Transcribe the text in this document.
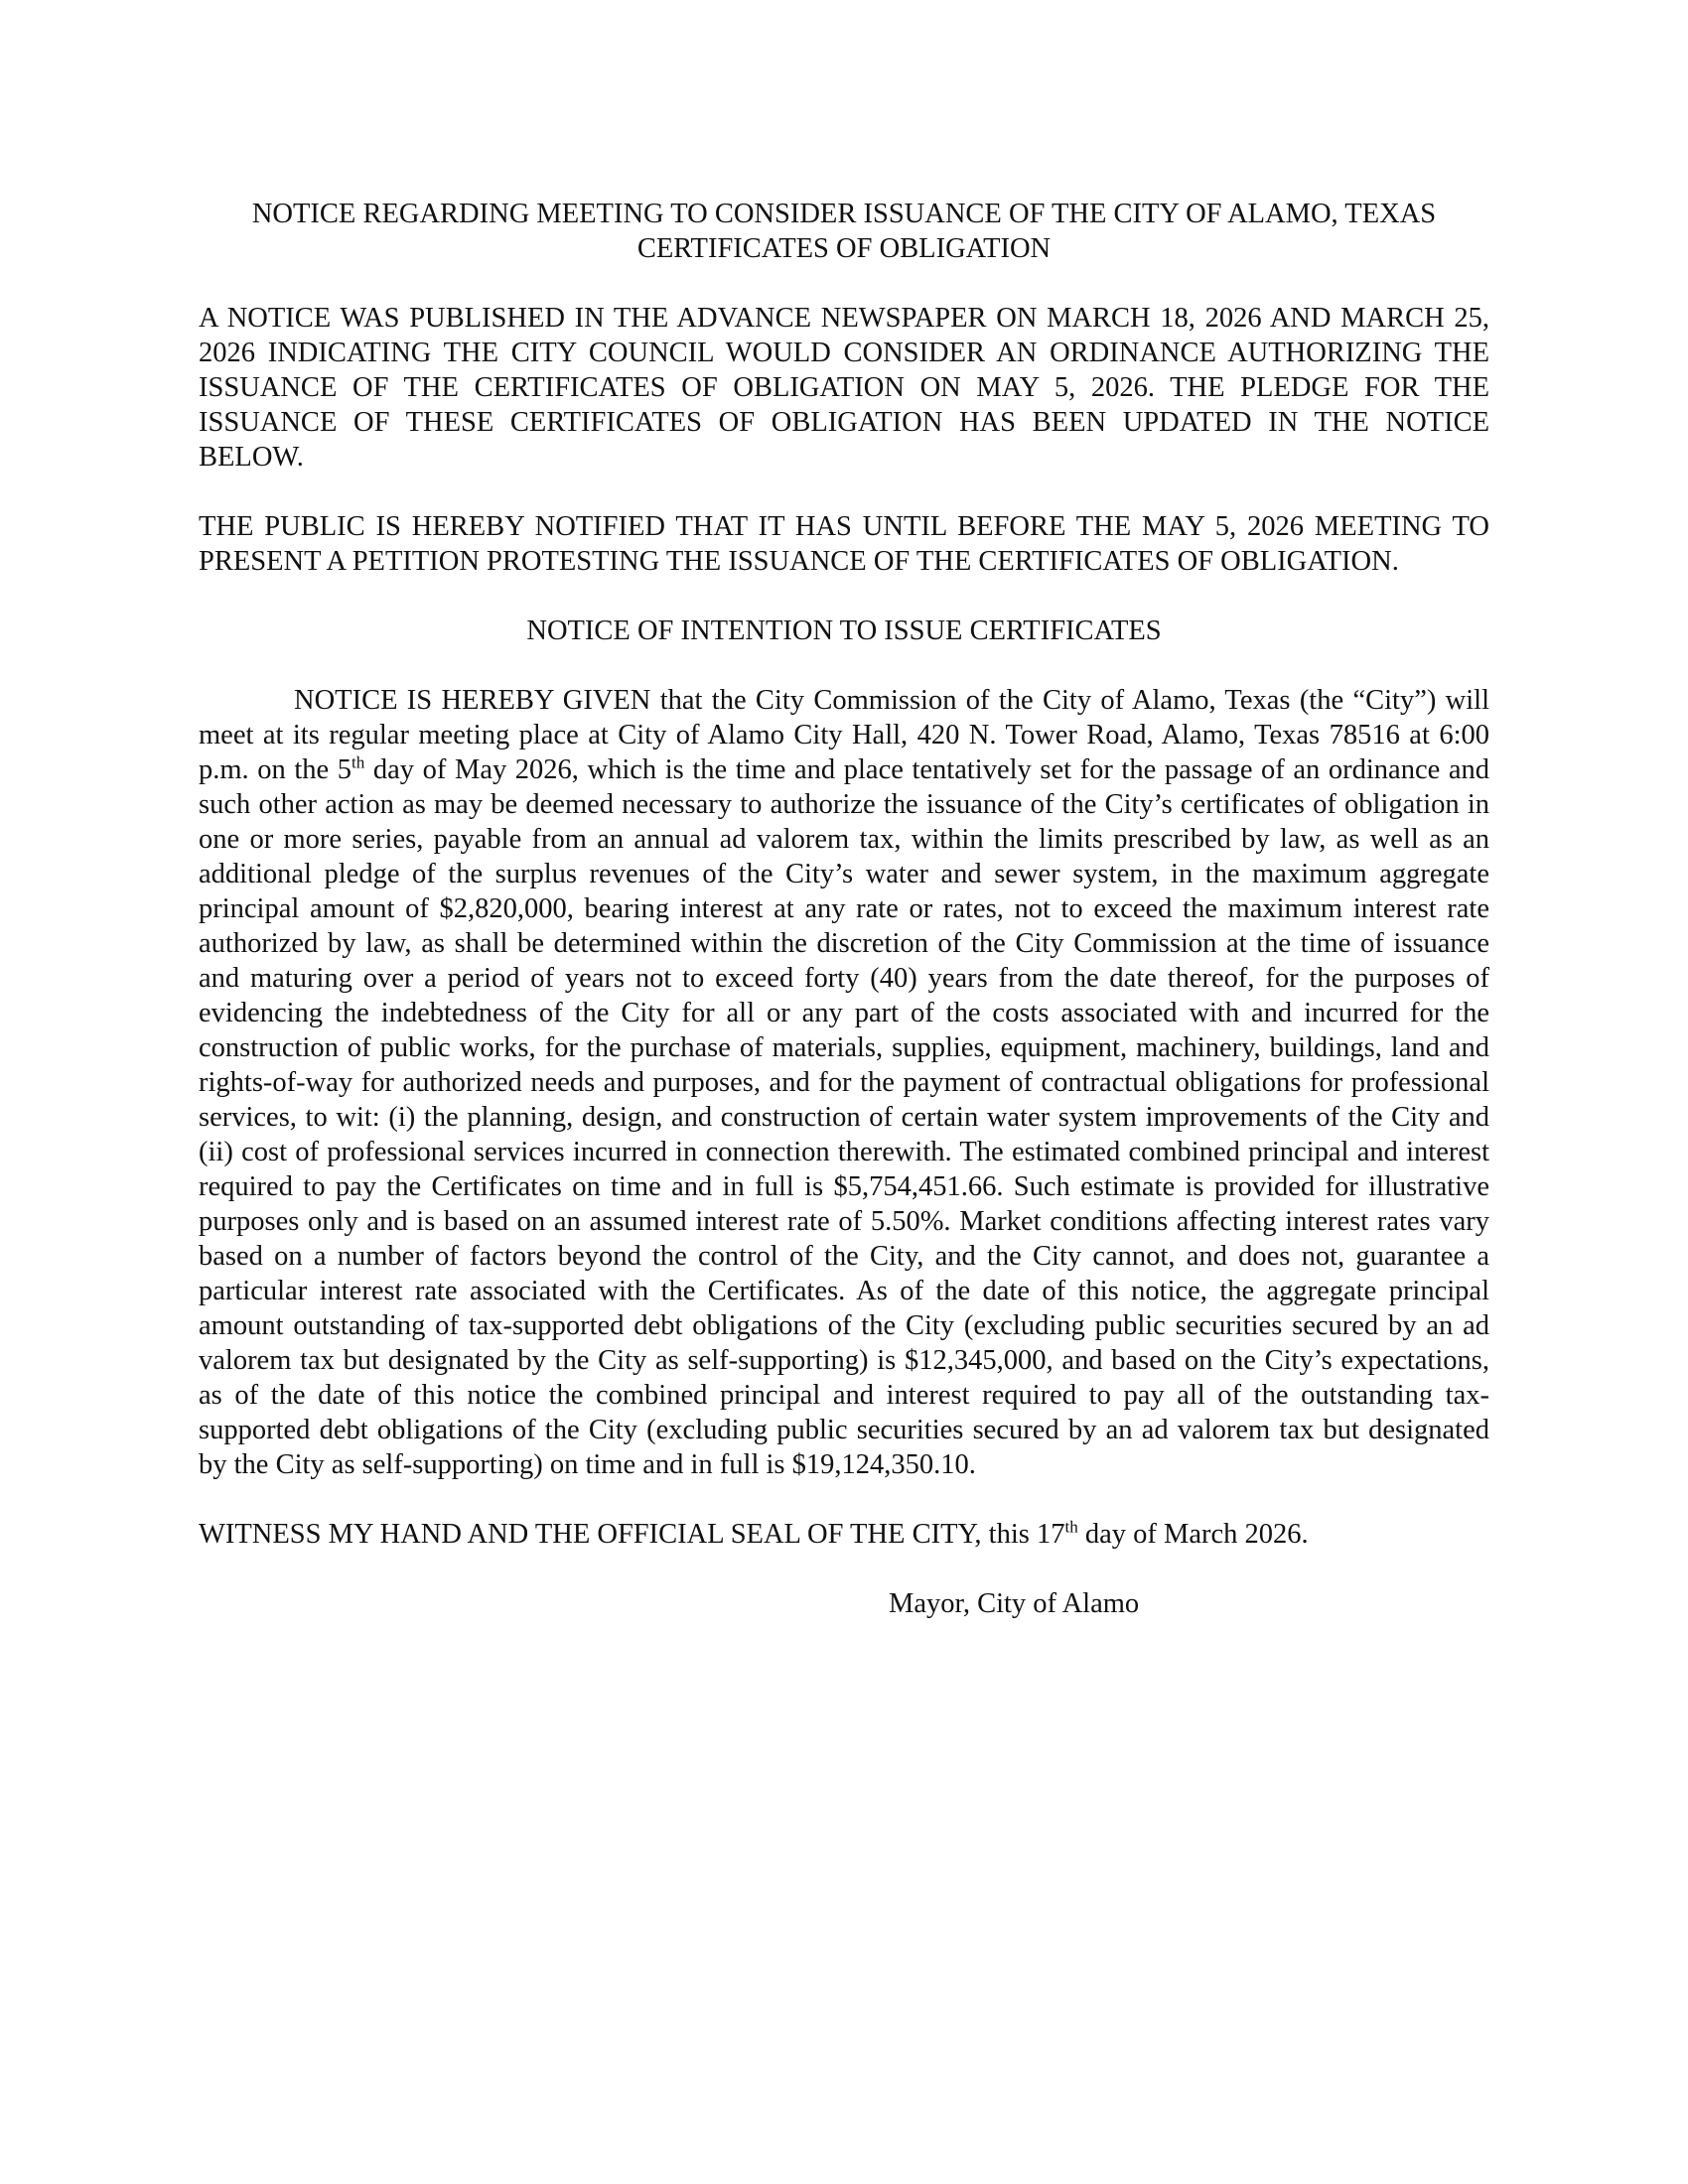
NOTICE REGARDING MEETING TO CONSIDER ISSUANCE OF THE CITY OF ALAMO, TEXAS
CERTIFICATES OF OBLIGATION

A NOTICE WAS PUBLISHED IN THE ADVANCE NEWSPAPER ON MARCH 18, 2026 AND MARCH 25, 2026 INDICATING THE CITY COUNCIL WOULD CONSIDER AN ORDINANCE AUTHORIZING THE ISSUANCE OF THE CERTIFICATES OF OBLIGATION ON MAY 5, 2026. THE PLEDGE FOR THE ISSUANCE OF THESE CERTIFICATES OF OBLIGATION HAS BEEN UPDATED IN THE NOTICE BELOW.

THE PUBLIC IS HEREBY NOTIFIED THAT IT HAS UNTIL BEFORE THE MAY 5, 2026 MEETING TO PRESENT A PETITION PROTESTING THE ISSUANCE OF THE CERTIFICATES OF OBLIGATION.

NOTICE OF INTENTION TO ISSUE CERTIFICATES

NOTICE IS HEREBY GIVEN that the City Commission of the City of Alamo, Texas (the “City”) will meet at its regular meeting place at City of Alamo City Hall, 420 N. Tower Road, Alamo, Texas 78516 at 6:00 p.m. on the 5th day of May 2026, which is the time and place tentatively set for the passage of an ordinance and such other action as may be deemed necessary to authorize the issuance of the City’s certificates of obligation in one or more series, payable from an annual ad valorem tax, within the limits prescribed by law, as well as an additional pledge of the surplus revenues of the City’s water and sewer system, in the maximum aggregate principal amount of $2,820,000, bearing interest at any rate or rates, not to exceed the maximum interest rate authorized by law, as shall be determined within the discretion of the City Commission at the time of issuance and maturing over a period of years not to exceed forty (40) years from the date thereof, for the purposes of evidencing the indebtedness of the City for all or any part of the costs associated with and incurred for the construction of public works, for the purchase of materials, supplies, equipment, machinery, buildings, land and rights-of-way for authorized needs and purposes, and for the payment of contractual obligations for professional services, to wit: (i) the planning, design, and construction of certain water system improvements of the City and (ii) cost of professional services incurred in connection therewith. The estimated combined principal and interest required to pay the Certificates on time and in full is $5,754,451.66. Such estimate is provided for illustrative purposes only and is based on an assumed interest rate of 5.50%. Market conditions affecting interest rates vary based on a number of factors beyond the control of the City, and the City cannot, and does not, guarantee a particular interest rate associated with the Certificates. As of the date of this notice, the aggregate principal amount outstanding of tax-supported debt obligations of the City (excluding public securities secured by an ad valorem tax but designated by the City as self-supporting) is $12,345,000, and based on the City’s expectations, as of the date of this notice the combined principal and interest required to pay all of the outstanding tax-supported debt obligations of the City (excluding public securities secured by an ad valorem tax but designated by the City as self-supporting) on time and in full is $19,124,350.10.

WITNESS MY HAND AND THE OFFICIAL SEAL OF THE CITY, this 17th day of March 2026.

Mayor, City of Alamo
